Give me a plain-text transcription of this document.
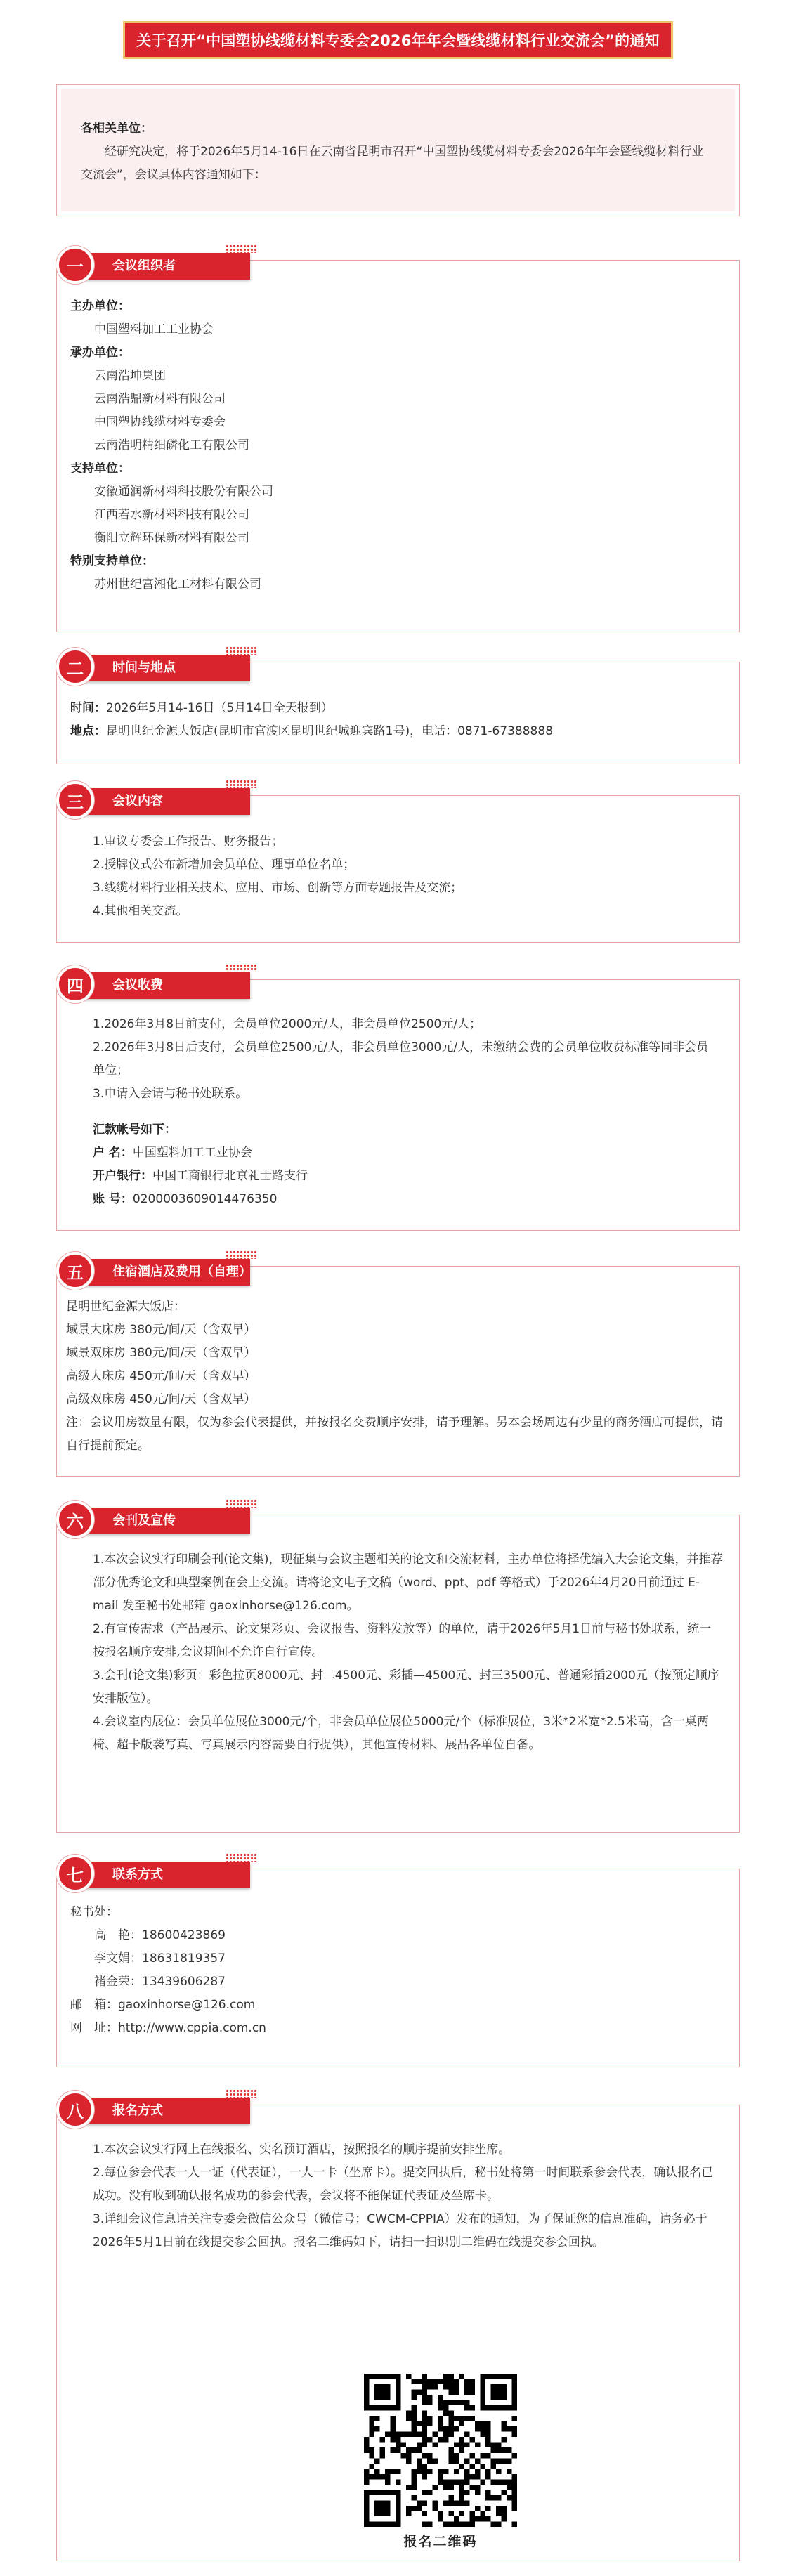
关于召开“中国塑协线缆材料专委会2026年年会暨线缆材料行业交流会”的通知
各相关单位：
经研究决定，将于2026年5月14-16日在云南省昆明市召开“中国塑协线缆材料专委会2026年年会暨线缆材料行业交流会”，会议具体内容通知如下：
一	会议组织者

主办单位：

中国塑料加工工业协会

承办单位：

云南浩坤集团

云南浩鼎新材料有限公司

中国塑协线缆材料专委会

云南浩明精细磷化工有限公司

支持单位：

安徽通润新材料科技股份有限公司

江西若水新材料科技有限公司

衡阳立辉环保新材料有限公司

特别支持单位：

苏州世纪富湘化工材料有限公司

二	时间与地点

时间：2026年5月14-16日（5月14日全天报到）

地点：昆明世纪金源大饭店(昆明市官渡区昆明世纪城迎宾路1号)，电话：0871-67388888

三	会议内容

1.审议专委会工作报告、财务报告；

2.授牌仪式公布新增加会员单位、理事单位名单；

3.线缆材料行业相关技术、应用、市场、创新等方面专题报告及交流；

4.其他相关交流。

四	会议收费

1.2026年3月8日前支付，会员单位2000元/人，非会员单位2500元/人；

2.2026年3月8日后支付，会员单位2500元/人，非会员单位3000元/人，未缴纳会费的会员单位收费标准等同非会员单位；

3.申请入会请与秘书处联系。

汇款帐号如下：

户 名：中国塑料加工工业协会

开户银行：中国工商银行北京礼士路支行

账 号：0200003609014476350

五	住宿酒店及费用（自理）

昆明世纪金源大饭店：

域景大床房 380元/间/天（含双早）

域景双床房 380元/间/天（含双早）

高级大床房 450元/间/天（含双早）

高级双床房 450元/间/天（含双早）

注：会议用房数量有限，仅为参会代表提供，并按报名交费顺序安排，请予理解。另本会场周边有少量的商务酒店可提供，请自行提前预定。

六	会刊及宣传

1.本次会议实行印刷会刊(论文集)，现征集与会议主题相关的论文和交流材料，主办单位将择优编入大会论文集，并推荐部分优秀论文和典型案例在会上交流。请将论文电子文稿（word、ppt、pdf 等格式）于2026年4月20日前通过 E-mail 发至秘书处邮箱 gaoxinhorse@126.com。

2.有宣传需求（产品展示、论文集彩页、会议报告、资料发放等）的单位，请于2026年5月1日前与秘书处联系，统一按报名顺序安排,会议期间不允许自行宣传。

3.会刊(论文集)彩页：彩色拉页8000元、封二4500元、彩插—4500元、封三3500元、普通彩插2000元（按预定顺序安排版位）。

4.会议室内展位：会员单位展位3000元/个，非会员单位展位5000元/个（标准展位，3米*2米宽*2.5米高，含一桌两椅、超卡版袭写真、写真展示内容需要自行提供），其他宣传材料、展品各单位自备。

七	联系方式

秘书处：

高　艳：18600423869

李文娟：18631819357

褚金荣：13439606287

邮　箱：gaoxinhorse@126.com

网　址：http://www.cppia.com.cn

八	报名方式

1.本次会议实行网上在线报名、实名预订酒店，按照报名的顺序提前安排坐席。

2.每位参会代表一人一证（代表证），一人一卡（坐席卡）。提交回执后，秘书处将第一时间联系参会代表，确认报名已成功。没有收到确认报名成功的参会代表，会议将不能保证代表证及坐席卡。

3.详细会议信息请关注专委会微信公众号（微信号：CWCM-CPPIA）发布的通知，为了保证您的信息准确，请务必于 2026年5月1日前在线提交参会回执。报名二维码如下，请扫一扫识别二维码在线提交参会回执。

报名二维码
